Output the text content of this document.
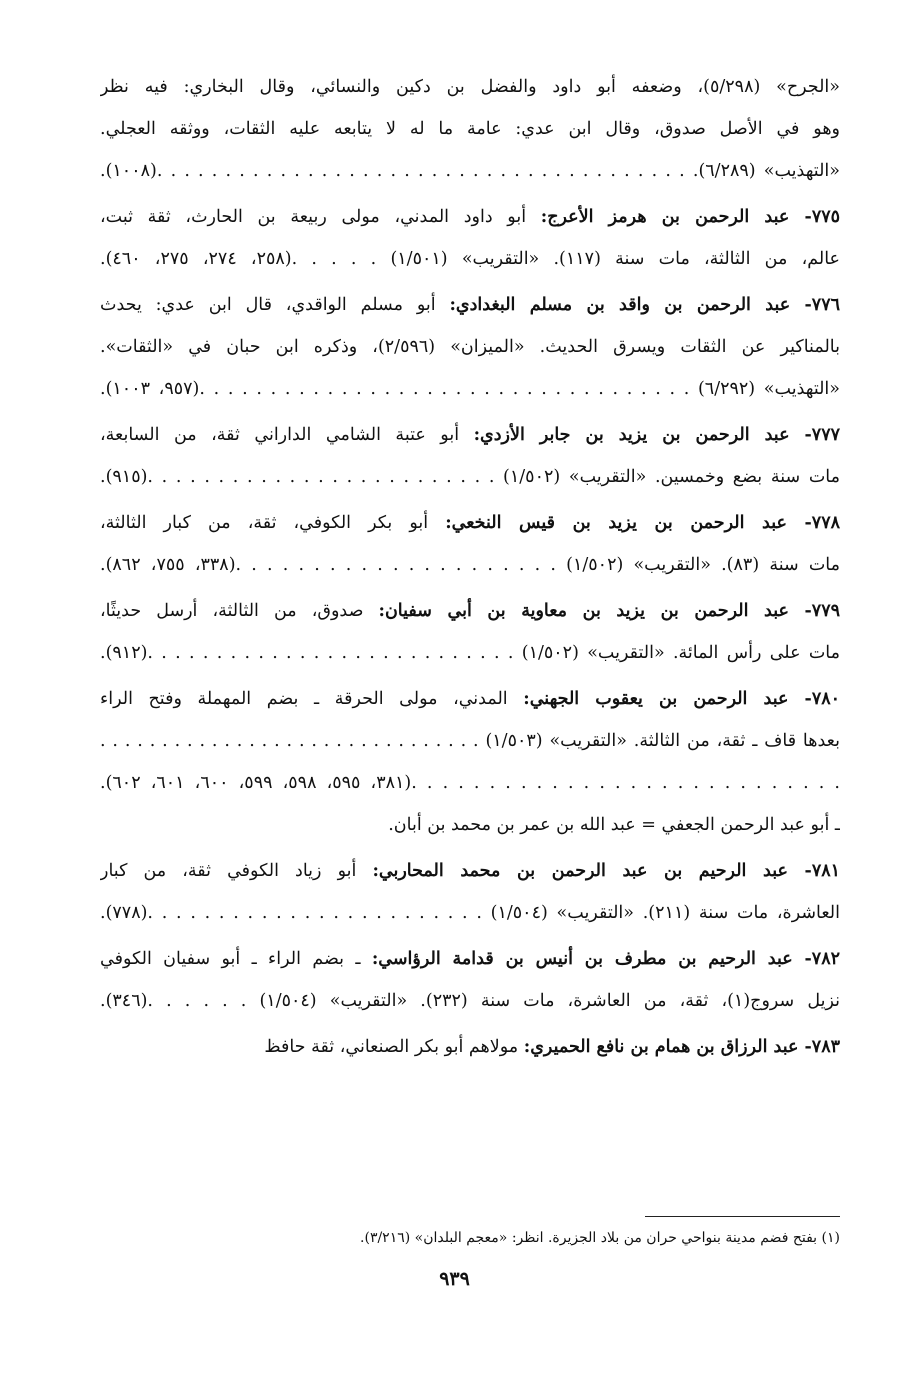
«الجرح» (٥/٢٩٨)، وضعفه أبو داود والفضل بن دكين والنسائي، وقال البخاري: فيه نظر
وهو في الأصل صدوق، وقال ابن عدي: عامة ما له لا يتابعه عليه الثقات، ووثقه العجلي.
«التهذيب» (٦/٢٨٩). . . . . . . . . . . . . . . . . . . . . . . . . . . . . . . . . . . . . . . .(١٠٠٨).
٧٧٥- عبد الرحمن بن هرمز الأعرج: أبو داود المدني، مولى ربيعة بن الحارث، ثقة ثبت،
عالم، من الثالثة، مات سنة (١١٧). «التقريب» (١/٥٠١) . . . . .(٢٥٨، ٢٧٤، ٢٧٥، ٤٦٠).
٧٧٦- عبد الرحمن بن واقد بن مسلم البغدادي: أبو مسلم الواقدي، قال ابن عدي: يحدث
بالمناكير عن الثقات ويسرق الحديث. «الميزان» (٢/٥٩٦)، وذكره ابن حبان في «الثقات».
«التهذيب» (٦/٢٩٢) . . . . . . . . . . . . . . . . . . . . . . . . . . . . . . . . . . .(٩٥٧، ١٠٠٣).
٧٧٧- عبد الرحمن بن يزيد بن جابر الأزدي: أبو عتبة الشامي الداراني ثقة، من السابعة،
مات سنة بضع وخمسين. «التقريب» (١/٥٠٢) . . . . . . . . . . . . . . . . . . . . . . . . .(٩١٥).
٧٧٨- عبد الرحمن بن يزيد بن قيس النخعي: أبو بكر الكوفي، ثقة، من كبار الثالثة،
مات سنة (٨٣). «التقريب» (١/٥٠٢) . . . . . . . . . . . . . . . . . . . . .(٣٣٨، ٧٥٥، ٨٦٢).
٧٧٩- عبد الرحمن بن يزيد بن معاوية بن أبي سفيان: صدوق، من الثالثة، أرسل حديثًا،
مات على رأس المائة. «التقريب» (١/٥٠٢) . . . . . . . . . . . . . . . . . . . . . . . . . . .(٩١٢).
٧٨٠- عبد الرحمن بن يعقوب الجهني: المدني، مولى الحرقة ـ بضم المهملة وفتح الراء
بعدها قاف ـ ثقة، من الثالثة. «التقريب» (١/٥٠٣) . . . . . . . . . . . . . . . . . . . . . . . . . . . . . . .
. . . . . . . . . . . . . . . . . . . . . . . . . . . .(٣٨١، ٥٩٥، ٥٩٨، ٥٩٩، ٦٠٠، ٦٠١، ٦٠٢).
ـ أبو عبد الرحمن الجعفي = عبد الله بن عمر بن محمد بن أبان.
٧٨١- عبد الرحيم بن عبد الرحمن بن محمد المحاربي: أبو زياد الكوفي ثقة، من كبار
العاشرة، مات سنة (٢١١). «التقريب» (١/٥٠٤) . . . . . . . . . . . . . . . . . . . . . . . .(٧٧٨).
٧٨٢- عبد الرحيم بن مطرف بن أنيس بن قدامة الرؤاسي: ـ بضم الراء ـ أبو سفيان الكوفي
نزيل سروج(١)، ثقة، من العاشرة، مات سنة (٢٣٢). «التقريب» (١/٥٠٤) . . . . . .(٣٤٦).
٧٨٣- عبد الرزاق بن همام بن نافع الحميري: مولاهم أبو بكر الصنعاني، ثقة حافظ
(١) بفتح فضم مدينة بنواحي حران من بلاد الجزيرة. انظر: «معجم البلدان» (٣/٢١٦).
٩٣٩
